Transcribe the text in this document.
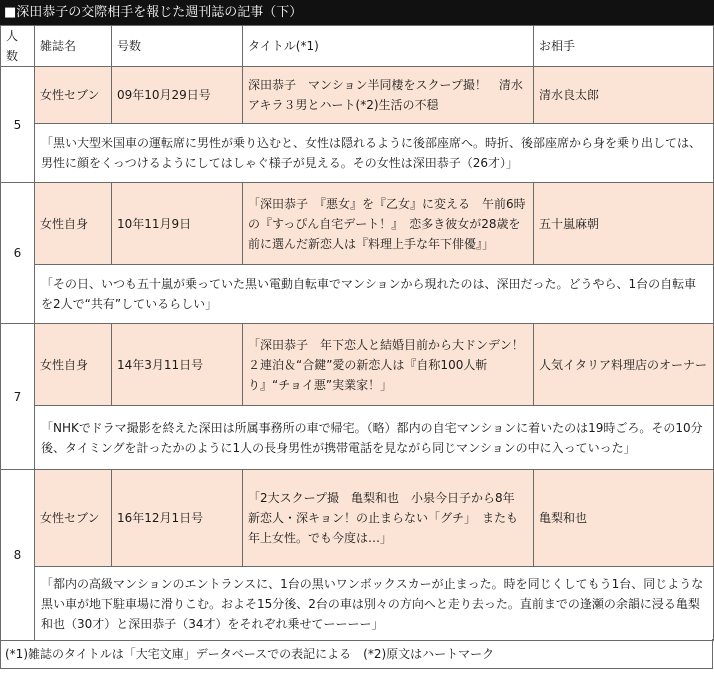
■深田恭子の交際相手を報じた週刊誌の記事（下）
人数	雑誌名	号数	タイトル(*1)	お相手
5	女性セブン	09年10月29日号	深田恭子　マンション半同棲をスクープ撮！　清水アキラ３男とハート(*2)生活の不穏	清水良太郎
	「黒い大型米国車の運転席に男性が乗り込むと、女性は隠れるように後部座席へ。時折、後部座席から身を乗り出しては、男性に顔をくっつけるようにしてはしゃぐ様子が見える。その女性は深田恭子（26才）」			
6	女性自身	10年11月9日	「深田恭子　『悪女』を『乙女』に変える　午前6時の『すっぴん自宅デート！』　恋多き彼女が28歳を前に選んだ新恋人は『料理上手な年下俳優』」	五十嵐麻朝
	「その日、いつも五十嵐が乗っていた黒い電動自転車でマンションから現れたのは、深田だった。どうやら、1台の自転車を2人で“共有”しているらしい」			
7	女性自身	14年3月11日号	「深田恭子　年下恋人と結婚目前から大ドンデン！２連泊＆“合鍵”愛の新恋人は『自称100人斬り』“チョイ悪”実業家！」	人気イタリア料理店のオーナー
	「NHKでドラマ撮影を終えた深田は所属事務所の車で帰宅。（略）都内の自宅マンションに着いたのは19時ごろ。その10分後、タイミングを計ったかのように1人の長身男性が携帯電話を見ながら同じマンションの中に入っていった」			
8	女性セブン	16年12月1日号	「2大スクープ撮　亀梨和也　小泉今日子から8年　新恋人・深キョン！の止まらない「グチ」　またも年上女性。でも今度は…」	亀梨和也
	「都内の高級マンションのエントランスに、1台の黒いワンボックスカーが止まった。時を同じくしてもう1台、同じような黒い車が地下駐車場に滑りこむ。およそ15分後、2台の車は別々の方向へと走り去った。直前までの逢瀬の余韻に浸る亀梨和也（30才）と深田恭子（34才）をそれぞれ乗せてーーーー」			
(*1)雑誌のタイトルは「大宅文庫」データベースでの表記による　(*2)原文はハートマーク
